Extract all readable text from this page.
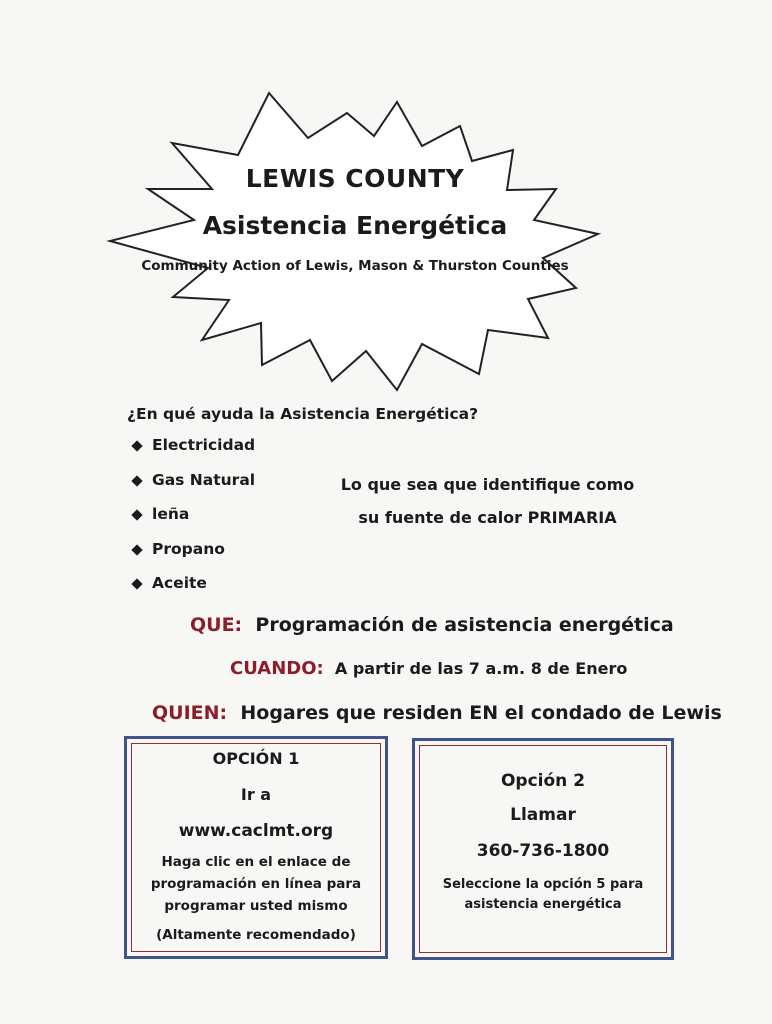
LEWIS COUNTY
Asistencia Energética
Community Action of Lewis, Mason & Thurston Counties
¿En qué ayuda la Asistencia Energética?
Electricidad
Gas Natural
leña
Propano
Aceite
Lo que sea que identifique como
su fuente de calor PRIMARIA
QUE: Programación de asistencia energética
CUANDO: A partir de las 7 a.m. 8 de Enero
QUIEN: Hogares que residen EN el condado de Lewis

OPCIÓN 1

Ir a

www.caclmt.org

Haga clic en el enlace de programación en línea para programar usted mismo

(Altamente recomendado)

Opción 2

Llamar

360-736-1800

Seleccione la opción 5 para asistencia energética
